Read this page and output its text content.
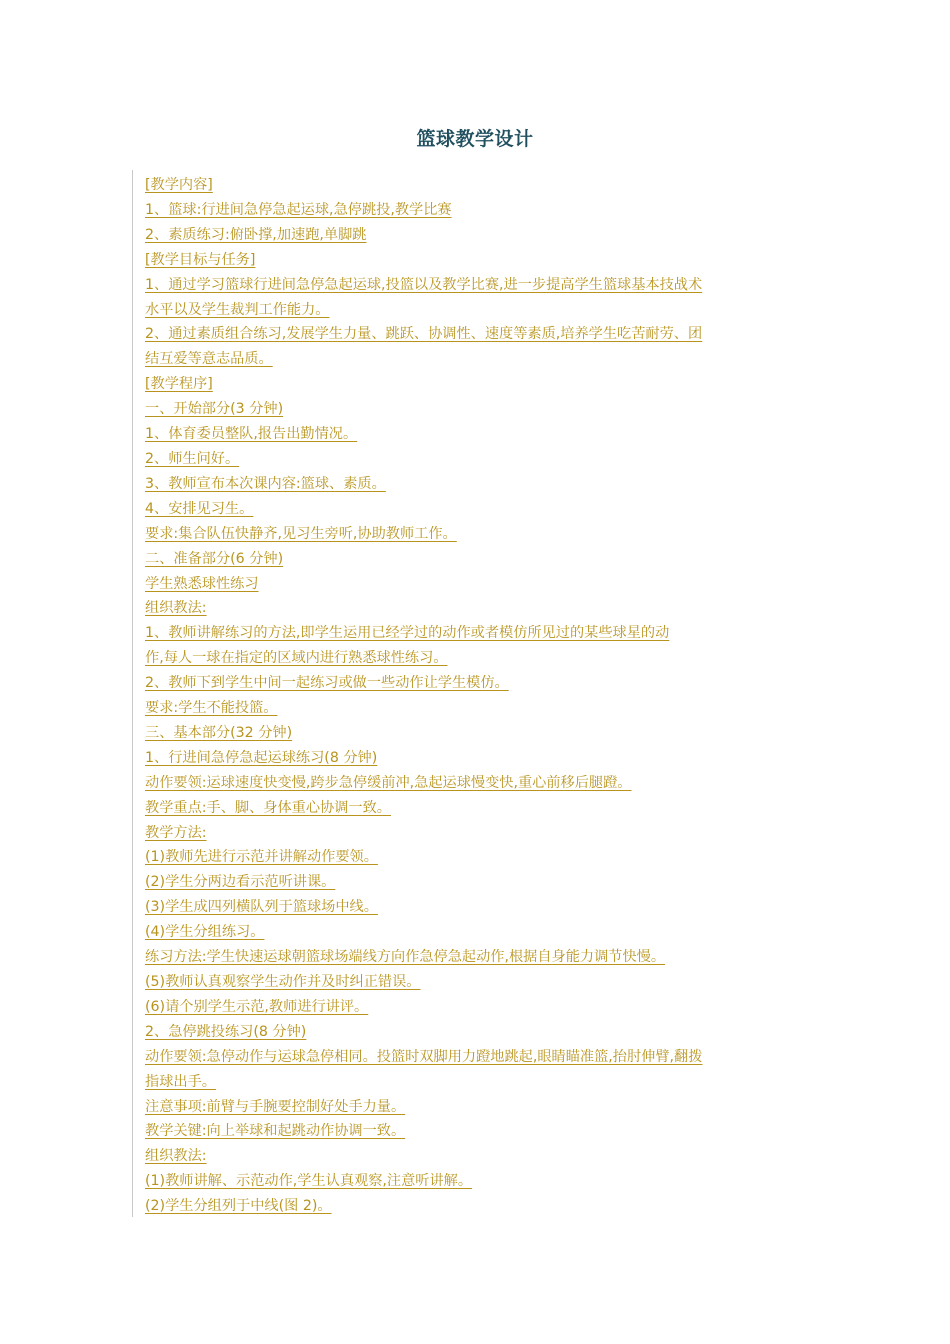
篮球教学设计
[教学内容]
1、篮球:行进间急停急起运球,急停跳投,教学比赛
2、素质练习:俯卧撑,加速跑,单脚跳
[教学目标与任务]
1、通过学习篮球行进间急停急起运球,投篮以及教学比赛,进一步提高学生篮球基本技战术
水平以及学生裁判工作能力。
2、通过素质组合练习,发展学生力量、跳跃、协调性、速度等素质,培养学生吃苦耐劳、团
结互爱等意志品质。
[教学程序]
一、开始部分(3 分钟)
1、体育委员整队,报告出勤情况。
2、师生问好。
3、教师宣布本次课内容:篮球、素质。
4、安排见习生。
要求:集合队伍快静齐,见习生旁听,协助教师工作。
二、准备部分(6 分钟)
学生熟悉球性练习
组织教法:
1、教师讲解练习的方法,即学生运用已经学过的动作或者模仿所见过的某些球星的动
作,每人一球在指定的区域内进行熟悉球性练习。
2、教师下到学生中间一起练习或做一些动作让学生模仿。
要求:学生不能投篮。
三、基本部分(32 分钟)
1、行进间急停急起运球练习(8 分钟)
动作要领:运球速度快变慢,跨步急停缓前冲,急起运球慢变快,重心前移后腿蹬。
教学重点:手、脚、身体重心协调一致。
教学方法:
(1)教师先进行示范并讲解动作要领。
(2)学生分两边看示范听讲课。
(3)学生成四列横队列于篮球场中线。
(4)学生分组练习。
练习方法:学生快速运球朝篮球场端线方向作急停急起动作,根据自身能力调节快慢。
(5)教师认真观察学生动作并及时纠正错误。
(6)请个别学生示范,教师进行讲评。
2、急停跳投练习(8 分钟)
动作要领:急停动作与运球急停相同。投篮时双脚用力蹬地跳起,眼睛瞄准篮,抬肘伸臂,翻拨
指球出手。
注意事项:前臂与手腕要控制好处手力量。
教学关键:向上举球和起跳动作协调一致。
组织教法:
(1)教师讲解、示范动作,学生认真观察,注意听讲解。
(2)学生分组列于中线(图 2)。
